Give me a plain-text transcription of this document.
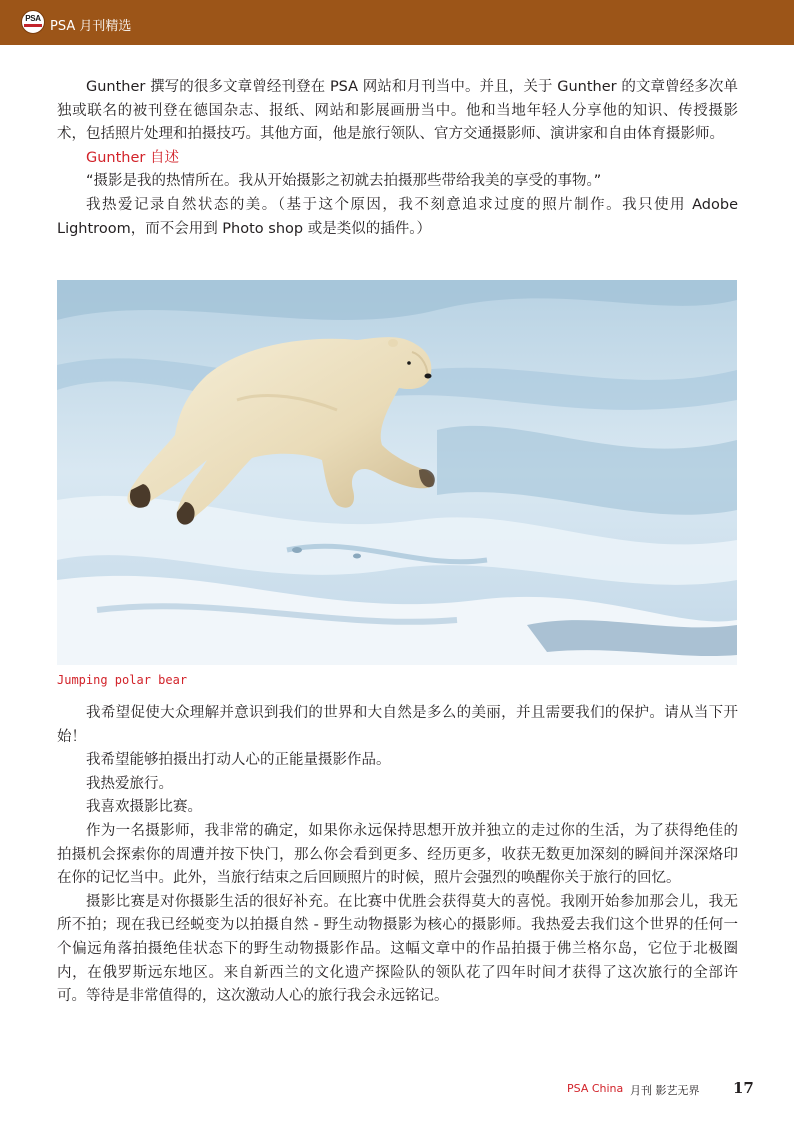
PSA
PSA 月刊精选

Gunther 撰写的很多文章曾经刊登在 PSA 网站和月刊当中。并且，关于 Gunther 的文章曾经多次单独或联名的被刊登在德国杂志、报纸、网站和影展画册当中。他和当地年轻人分享他的知识、传授摄影术，包括照片处理和拍摄技巧。其他方面，他是旅行领队、官方交通摄影师、演讲家和自由体育摄影师。

Gunther 自述

“摄影是我的热情所在。我从开始摄影之初就去拍摄那些带给我美的享受的事物。”

我热爱记录自然状态的美。（基于这个原因，我不刻意追求过度的照片制作。我只使用 Adobe Lightroom，而不会用到 Photo shop 或是类似的插件。）

Jumping polar bear

我希望促使大众理解并意识到我们的世界和大自然是多么的美丽，并且需要我们的保护。请从当下开始！

我希望能够拍摄出打动人心的正能量摄影作品。

我热爱旅行。

我喜欢摄影比赛。

作为一名摄影师，我非常的确定，如果你永远保持思想开放并独立的走过你的生活，为了获得绝佳的拍摄机会探索你的周遭并按下快门，那么你会看到更多、经历更多，收获无数更加深刻的瞬间并深深烙印在你的记忆当中。此外，当旅行结束之后回顾照片的时候，照片会强烈的唤醒你关于旅行的回忆。

摄影比赛是对你摄影生活的很好补充。在比赛中优胜会获得莫大的喜悦。我刚开始参加那会儿，我无所不拍；现在我已经蜕变为以拍摄自然 - 野生动物摄影为核心的摄影师。我热爱去我们这个世界的任何一个偏远角落拍摄绝佳状态下的野生动物摄影作品。这幅文章中的作品拍摄于佛兰格尔岛，它位于北极圈内，在俄罗斯远东地区。来自新西兰的文化遗产探险队的领队花了四年时间才获得了这次旅行的全部许可。等待是非常值得的，这次激动人心的旅行我会永远铭记。

PSA China 月刊 影艺无界 17
